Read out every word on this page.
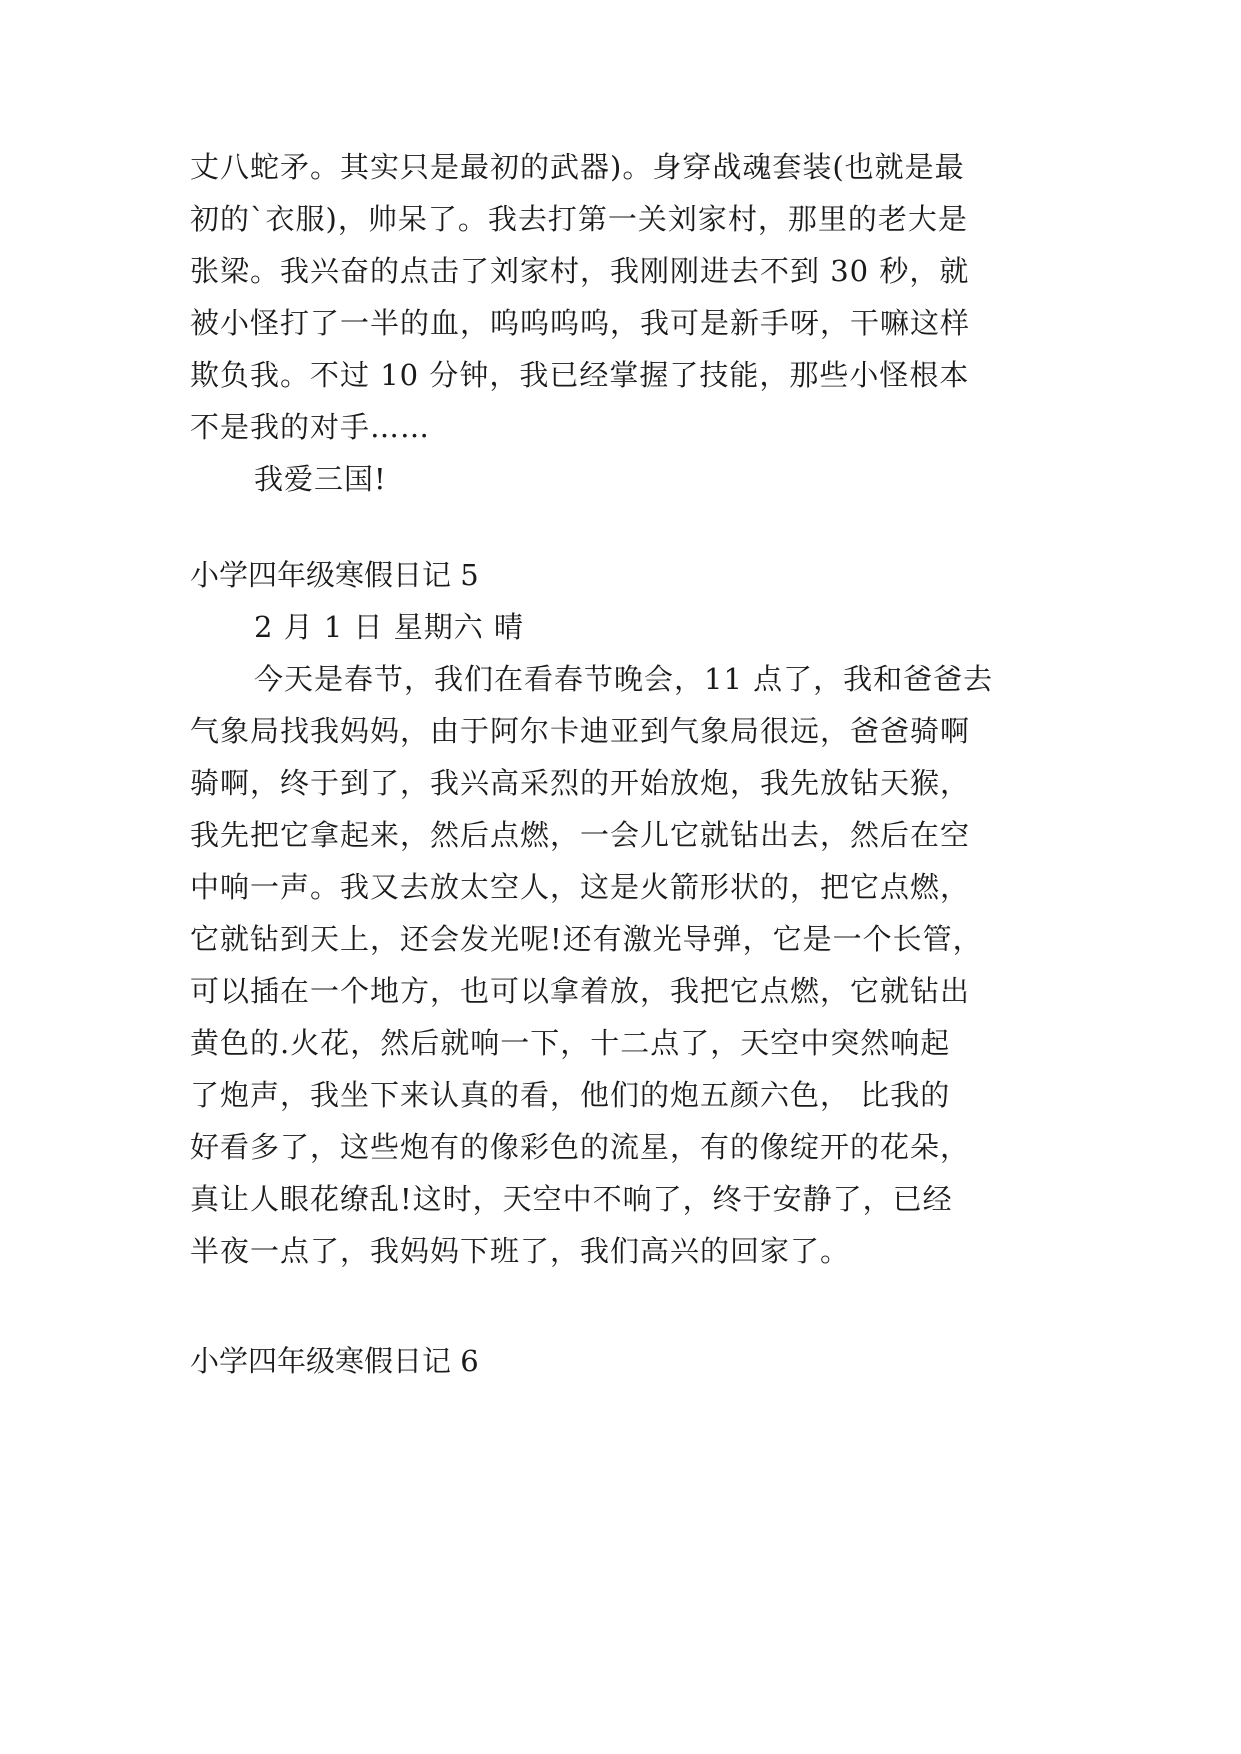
丈八蛇矛。其实只是最初的武器)。身穿战魂套装(也就是最
初的`衣服)，帅呆了。我去打第一关刘家村，那里的老大是
张梁。我兴奋的点击了刘家村，我刚刚进去不到 30 秒，就
被小怪打了一半的血，呜呜呜呜，我可是新手呀，干嘛这样
欺负我。不过 10 分钟，我已经掌握了技能，那些小怪根本
不是我的对手……
我爱三国!
小学四年级寒假日记 5
2 月 1 日 星期六 晴
今天是春节，我们在看春节晚会，11 点了，我和爸爸去
气象局找我妈妈，由于阿尔卡迪亚到气象局很远，爸爸骑啊
骑啊，终于到了，我兴高采烈的开始放炮，我先放钻天猴，
我先把它拿起来，然后点燃，一会儿它就钻出去，然后在空
中响一声。我又去放太空人，这是火箭形状的，把它点燃，
它就钻到天上，还会发光呢!还有激光导弹，它是一个长管，
可以插在一个地方，也可以拿着放，我把它点燃，它就钻出
黄色的.火花，然后就响一下，十二点了，天空中突然响起
了炮声，我坐下来认真的看，他们的炮五颜六色， 比我的
好看多了，这些炮有的像彩色的流星，有的像绽开的花朵，
真让人眼花缭乱!这时，天空中不响了，终于安静了，已经
半夜一点了，我妈妈下班了，我们高兴的回家了。
小学四年级寒假日记 6
